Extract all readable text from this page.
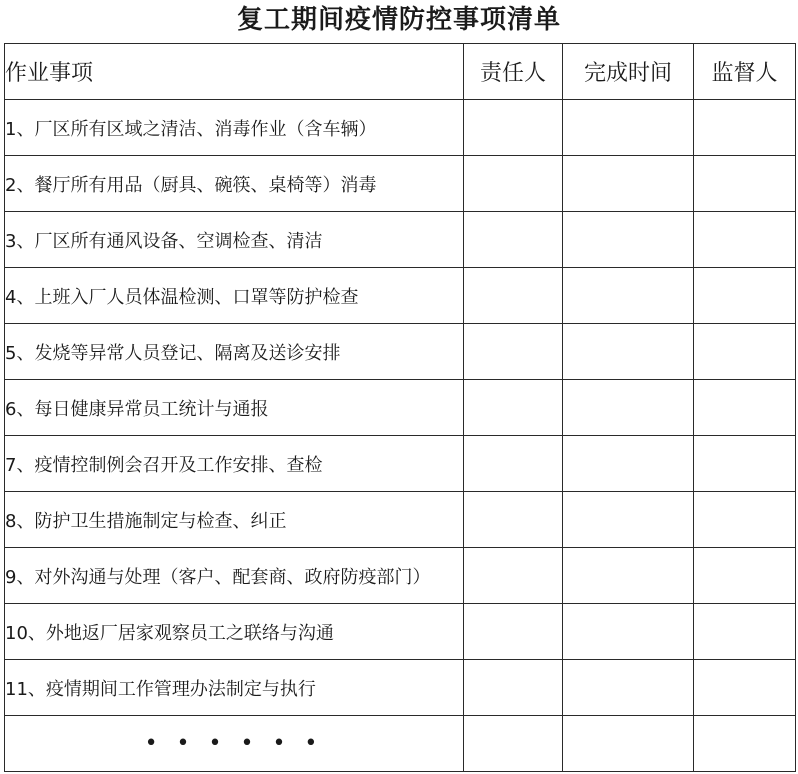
复工期间疫情防控事项清单
作业事项	责任人	完成时间	监督人
1、厂区所有区域之清洁、消毒作业（含车辆）			
2、餐厅所有用品（厨具、碗筷、桌椅等）消毒			
3、厂区所有通风设备、空调检查、清洁			
4、上班入厂人员体温检测、口罩等防护检查			
5、发烧等异常人员登记、隔离及送诊安排			
6、每日健康异常员工统计与通报			
7、疫情控制例会召开及工作安排、查检			
8、防护卫生措施制定与检查、纠正			
9、对外沟通与处理（客户、配套商、政府防疫部门）			
10、外地返厂居家观察员工之联络与沟通			
11、疫情期间工作管理办法制定与执行			
• • • • • •			
